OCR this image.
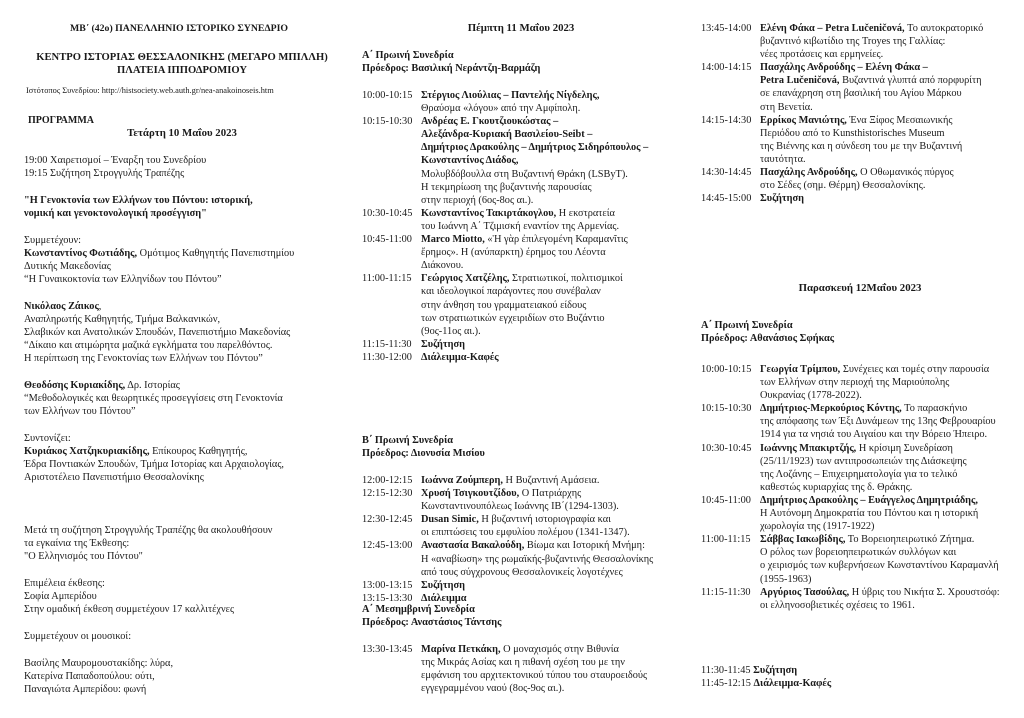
ΜΒ΄ (42ο) ΠΑΝΕΛΛΗΝΙΟ ΙΣΤΟΡΙΚΟ ΣΥΝΕΔΡΙΟ
ΚΕΝΤΡΟ ΙΣΤΟΡΙΑΣ ΘΕΣΣΑΛΟΝΙΚΗΣ (ΜΕΓΑΡΟ ΜΠΙΛΛΗ)
ΠΛΑΤΕΙΑ ΙΠΠΟΔΡΟΜΙΟΥ
Ιστότοπος Συνεδρίου: http://histsociety.web.auth.gr/nea-anakoinoseis.htm
ΠΡΟΓΡΑΜΜΑ
Τετάρτη 10 Μαΐου 2023
19:00 Χαιρετισμοί – Έναρξη του Συνεδρίου
19:15 Συζήτηση Στρογγυλής Τραπέζης
"Η Γενοκτονία των Ελλήνων του Πόντου: ιστορική,
νομική και γενοκτονολογική προσέγγιση"
Συμμετέχουν:
Κωνσταντίνος Φωτιάδης, Ομότιμος Καθηγητής Πανεπιστημίου
Δυτικής Μακεδονίας
“Η Γυναικοκτονία των Ελληνίδων του Πόντου”
Νικόλαος Ζάικος,
Αναπληρωτής Καθηγητής, Τμήμα Βαλκανικών,
Σλαβικών και Ανατολικών Σπουδών, Πανεπιστήμιο Μακεδονίας
“Δίκαιο και ατιμώρητα μαζικά εγκλήματα του παρελθόντος.
Η περίπτωση της Γενοκτονίας των Ελλήνων του Πόντου”
Θεοδόσης Κυριακίδης, Δρ. Ιστορίας
“Μεθοδολογικές και θεωρητικές προσεγγίσεις στη Γενοκτονία
των Ελλήνων του Πόντου”
Συντονίζει:
Κυριάκος Χατζηκυριακίδης, Επίκουρος Καθηγητής,
Έδρα Ποντιακών Σπουδών, Τμήμα Ιστορίας και Αρχαιολογίας,
Αριστοτέλειο Πανεπιστήμιο Θεσσαλονίκης
Μετά τη συζήτηση Στρογγυλής Τραπέζης θα ακολουθήσουν
τα εγκαίνια της Έκθεσης:
"Ο Ελληνισμός του Πόντου"
Επιμέλεια έκθεσης:
Σοφία Αμπερίδου
Στην ομαδική έκθεση συμμετέχουν 17 καλλιτέχνες
Συμμετέχουν οι μουσικοί:
Βασίλης Μαυρομουστακίδης: λύρα,
Κατερίνα Παπαδοπούλου: ούτι,
Παναγιώτα Αμπερίδου: φωνή
Πέμπτη 11 Μαΐου 2023
Α΄ Πρωινή Συνεδρία
Πρόεδρος: Βασιλική Νεράντζη-Βαρμάζη
10:00-10:15 Στέργιος Λιούλιας – Παντελής Νίγδελης,
Θραύσμα «λόγου» από την Αμφίπολη.
10:15-10:30 Ανδρέας Ε. Γκουτζιουκώστας –
Αλεξάνδρα-Κυριακή Βασιλείου-Seibt –
Δημήτριος Δρακούλης – Δημήτριος Σιδηρόπουλος –
Κωνσταντίνος Διάδος,
Μολυβδόβουλλα στη Βυζαντινή Θράκη (LSByT).
Η τεκμηρίωση της βυζαντινής παρουσίας
στην περιοχή (6ος-8ος αι.).
10:30-10:45 Κωνσταντίνος Τακιρτάκογλου, Η εκστρατεία
του Ιωάννη Α΄ Τζιμισκή εναντίον της Αρμενίας.
10:45-11:00 Marco Miotto, «Ἡ γὰρ ἐπιλεγομένη Καραμανῖτις
ἔρημος». Η (ανύπαρκτη) έρημος του Λέοντα
Διάκονου.
11:00-11:15 Γεώργιος Χατζέλης, Στρατιωτικοί, πολιτισμικοί
και ιδεολογικοί παράγοντες που συνέβαλαν
στην άνθηση του γραμματειακού είδους
των στρατιωτικών εγχειριδίων στο Βυζάντιο
(9ος-11ος αι.).
11:15-11:30 Συζήτηση
11:30-12:00 Διάλειμμα-Καφές
Β΄ Πρωινή Συνεδρία
Πρόεδρος: Διονυσία Μισίου
12:00-12:15 Ιωάννα Ζούμπερη, Η Βυζαντινή Αμάσεια.
12:15-12:30 Χρυσή Τσιγκουτζίδου, Ο Πατριάρχης
Κωνσταντινουπόλεως Ιωάννης ΙΒ΄(1294-1303).
12:30-12:45 Dusan Simic, Η βυζαντινή ιστοριογραφία και
οι επιπτώσεις του εμφυλίου πολέμου (1341-1347).
12:45-13:00 Αναστασία Βακαλούδη, Βίωμα και Ιστορική Μνήμη:
Η «αναβίωση» της ρωμαϊκής-βυζαντινής Θεσσαλονίκης
από τους σύγχρονους Θεσσαλονικείς λογοτέχνες
13:00-13:15 Συζήτηση
13:15-13:30 Διάλειμμα
Α΄ Μεσημβρινή Συνεδρία
Πρόεδρος: Αναστάσιος Τάντσης
13:30-13:45 Μαρίνα Πετκάκη, Ο μοναχισμός στην Βιθυνία
της Μικράς Ασίας και η πιθανή σχέση του με την
εμφάνιση του αρχιτεκτονικού τύπου του σταυροειδούς
εγγεγραμμένου ναού (8ος-9ος αι.).
13:45-14:00 Ελένη Φάκα – Petra Lučeničová, Το αυτοκρατορικό
βυζαντινό κιβωτίδιο της Troyes της Γαλλίας:
νέες προτάσεις και ερμηνείες.
14:00-14:15 Πασχάλης Ανδρούδης – Ελένη Φάκα –
Petra Lučeničová, Βυζαντινά γλυπτά από πορφυρίτη
σε επανάχρηση στη βασιλική του Αγίου Μάρκου
στη Βενετία.
14:15-14:30 Ερρίκος Μανιώτης, Ένα Ξίφος Μεσαιωνικής
Περιόδου από το Kunsthistorisches Museum
της Βιέννης και η σύνδεση του με την Βυζαντινή
ταυτότητα.
14:30-14:45 Πασχάλης Ανδρούδης, Ο Οθωμανικός πύργος
στο Σέδες (σημ. Θέρμη) Θεσσαλονίκης.
14:45-15:00 Συζήτηση
Παρασκευή 12Μαΐου 2023
Α΄ Πρωινή Συνεδρία
Πρόεδρος: Αθανάσιος Σφήκας
10:00-10:15 Γεωργία Τρίμπου, Συνέχειες και τομές στην παρουσία
των Ελλήνων στην περιοχή της Μαριούπολης
Ουκρανίας (1778-2022).
10:15-10:30 Δημήτριος-Μερκούριος Κόντης, Το παρασκήνιο
της απόφασης των Έξι Δυνάμεων της 13ης Φεβρουαρίου
1914 για τα νησιά του Αιγαίου και την Βόρειο Ήπειρο.
10:30-10:45 Ιωάννης Μπακιρτζής, Η κρίσιμη Συνεδρίαση
(25/11/1923) των αντιπροσωπειών της Διάσκεψης
της Λοζάνης – Επιχειρηματολογία για το τελικό
καθεστώς κυριαρχίας της δ. Θράκης.
10:45-11:00 Δημήτριος Δρακούλης – Ευάγγελος Δημητριάδης,
Η Αυτόνομη Δημοκρατία του Πόντου και η ιστορική
χωρολογία της (1917-1922)
11:00-11:15 Σάββας Ιακωβίδης, Το Βορειοηπειρωτικό Ζήτημα.
Ο ρόλος των βορειοηπειρωτικών συλλόγων και
ο χειρισμός των κυβερνήσεων Κωνσταντίνου Καραμανλή
(1955-1963)
11:15-11:30 Αργύριος Τασούλας, Η ύβρις του Νικήτα Σ. Χρουστσόφ:
οι ελληνοσοβιετικές σχέσεις το 1961.
11:30-11:45 Συζήτηση
11:45-12:15 Διάλειμμα-Καφές
